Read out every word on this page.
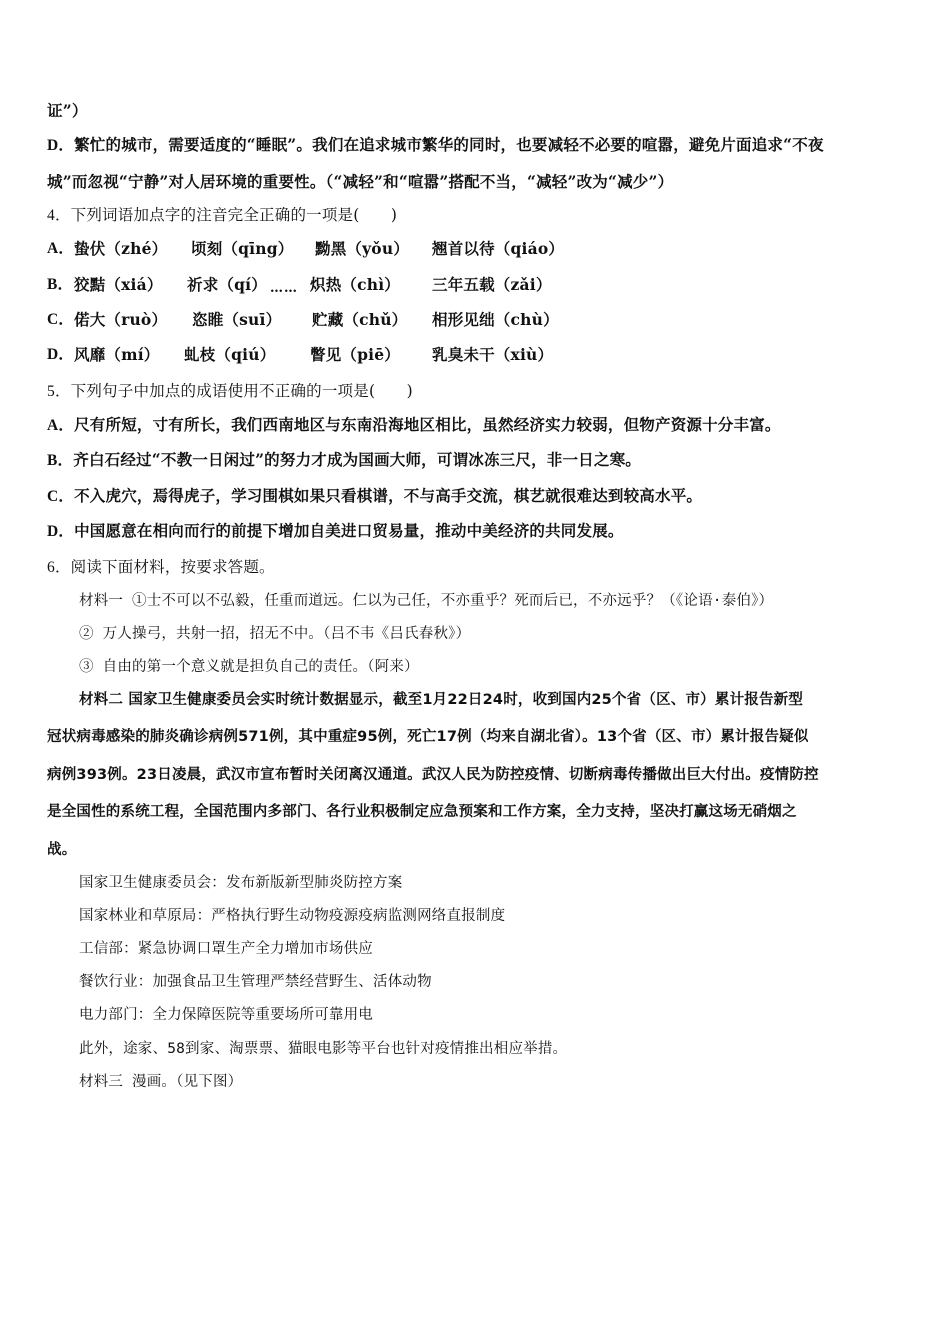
证”）
D．繁忙的城市，需要适度的“睡眠”。我们在追求城市繁华的同时，也要减轻不必要的喧嚣，避免片面追求“不夜
城”而忽视“宁静”对人居环境的重要性。（“减轻”和“喧嚣”搭配不当，“减轻”改为“减少”）
4．下列词语加点字的注音完全正确的一项是(　　)
A． 蛰伏（zhé） 顷刻（qīng） 黝黑（yǒu） 翘首以待（qiáo）
B． 狡黠（xiá） 祈求（qí） …… 炽热（chì） 三年五载（zǎi）
C． 偌大（ruò） 恣睢（suī） 贮藏（chǔ） 相形见绌（chù）
D． 风靡（mí） 虬枝（qiú） 瞥见（piē） 乳臭未干（xiù）
5．下列句子中加点的成语使用不正确的一项是(　　)
A．尺有所短，寸有所长，我们西南地区与东南沿海地区相比，虽然经济实力较弱，但物产资源十分丰富。
B．齐白石经过“不教一日闲过”的努力才成为国画大师，可谓冰冻三尺，非一日之寒。
C．不入虎穴，焉得虎子，学习围棋如果只看棋谱，不与高手交流，棋艺就很难达到较高水平。
D．中国愿意在相向而行的前提下增加自美进口贸易量，推动中美经济的共同发展。
6．阅读下面材料，按要求答题。
材料一 ①士不可以不弘毅，任重而道远。仁以为己任，不亦重乎？死而后已，不亦远乎？（《论语·泰伯》）
② 万人操弓，共射一招，招无不中。（吕不韦《吕氏春秋》）
③ 自由的第一个意义就是担负自己的责任。（阿来）
材料二 国家卫生健康委员会实时统计数据显示，截至1月22日24时，收到国内25个省（区、市）累计报告新型
冠状病毒感染的肺炎确诊病例571例，其中重症95例，死亡17例（均来自湖北省）。13个省（区、市）累计报告疑似
病例393例。23日凌晨，武汉市宣布暂时关闭离汉通道。武汉人民为防控疫情、切断病毒传播做出巨大付出。疫情防控
是全国性的系统工程，全国范围内多部门、各行业积极制定应急预案和工作方案，全力支持，坚决打赢这场无硝烟之
战。
国家卫生健康委员会：发布新版新型肺炎防控方案
国家林业和草原局：严格执行野生动物疫源疫病监测网络直报制度
工信部：紧急协调口罩生产全力增加市场供应
餐饮行业：加强食品卫生管理严禁经营野生、活体动物
电力部门：全力保障医院等重要场所可靠用电
此外，途家、58到家、淘票票、猫眼电影等平台也针对疫情推出相应举措。
材料三 漫画。（见下图）
